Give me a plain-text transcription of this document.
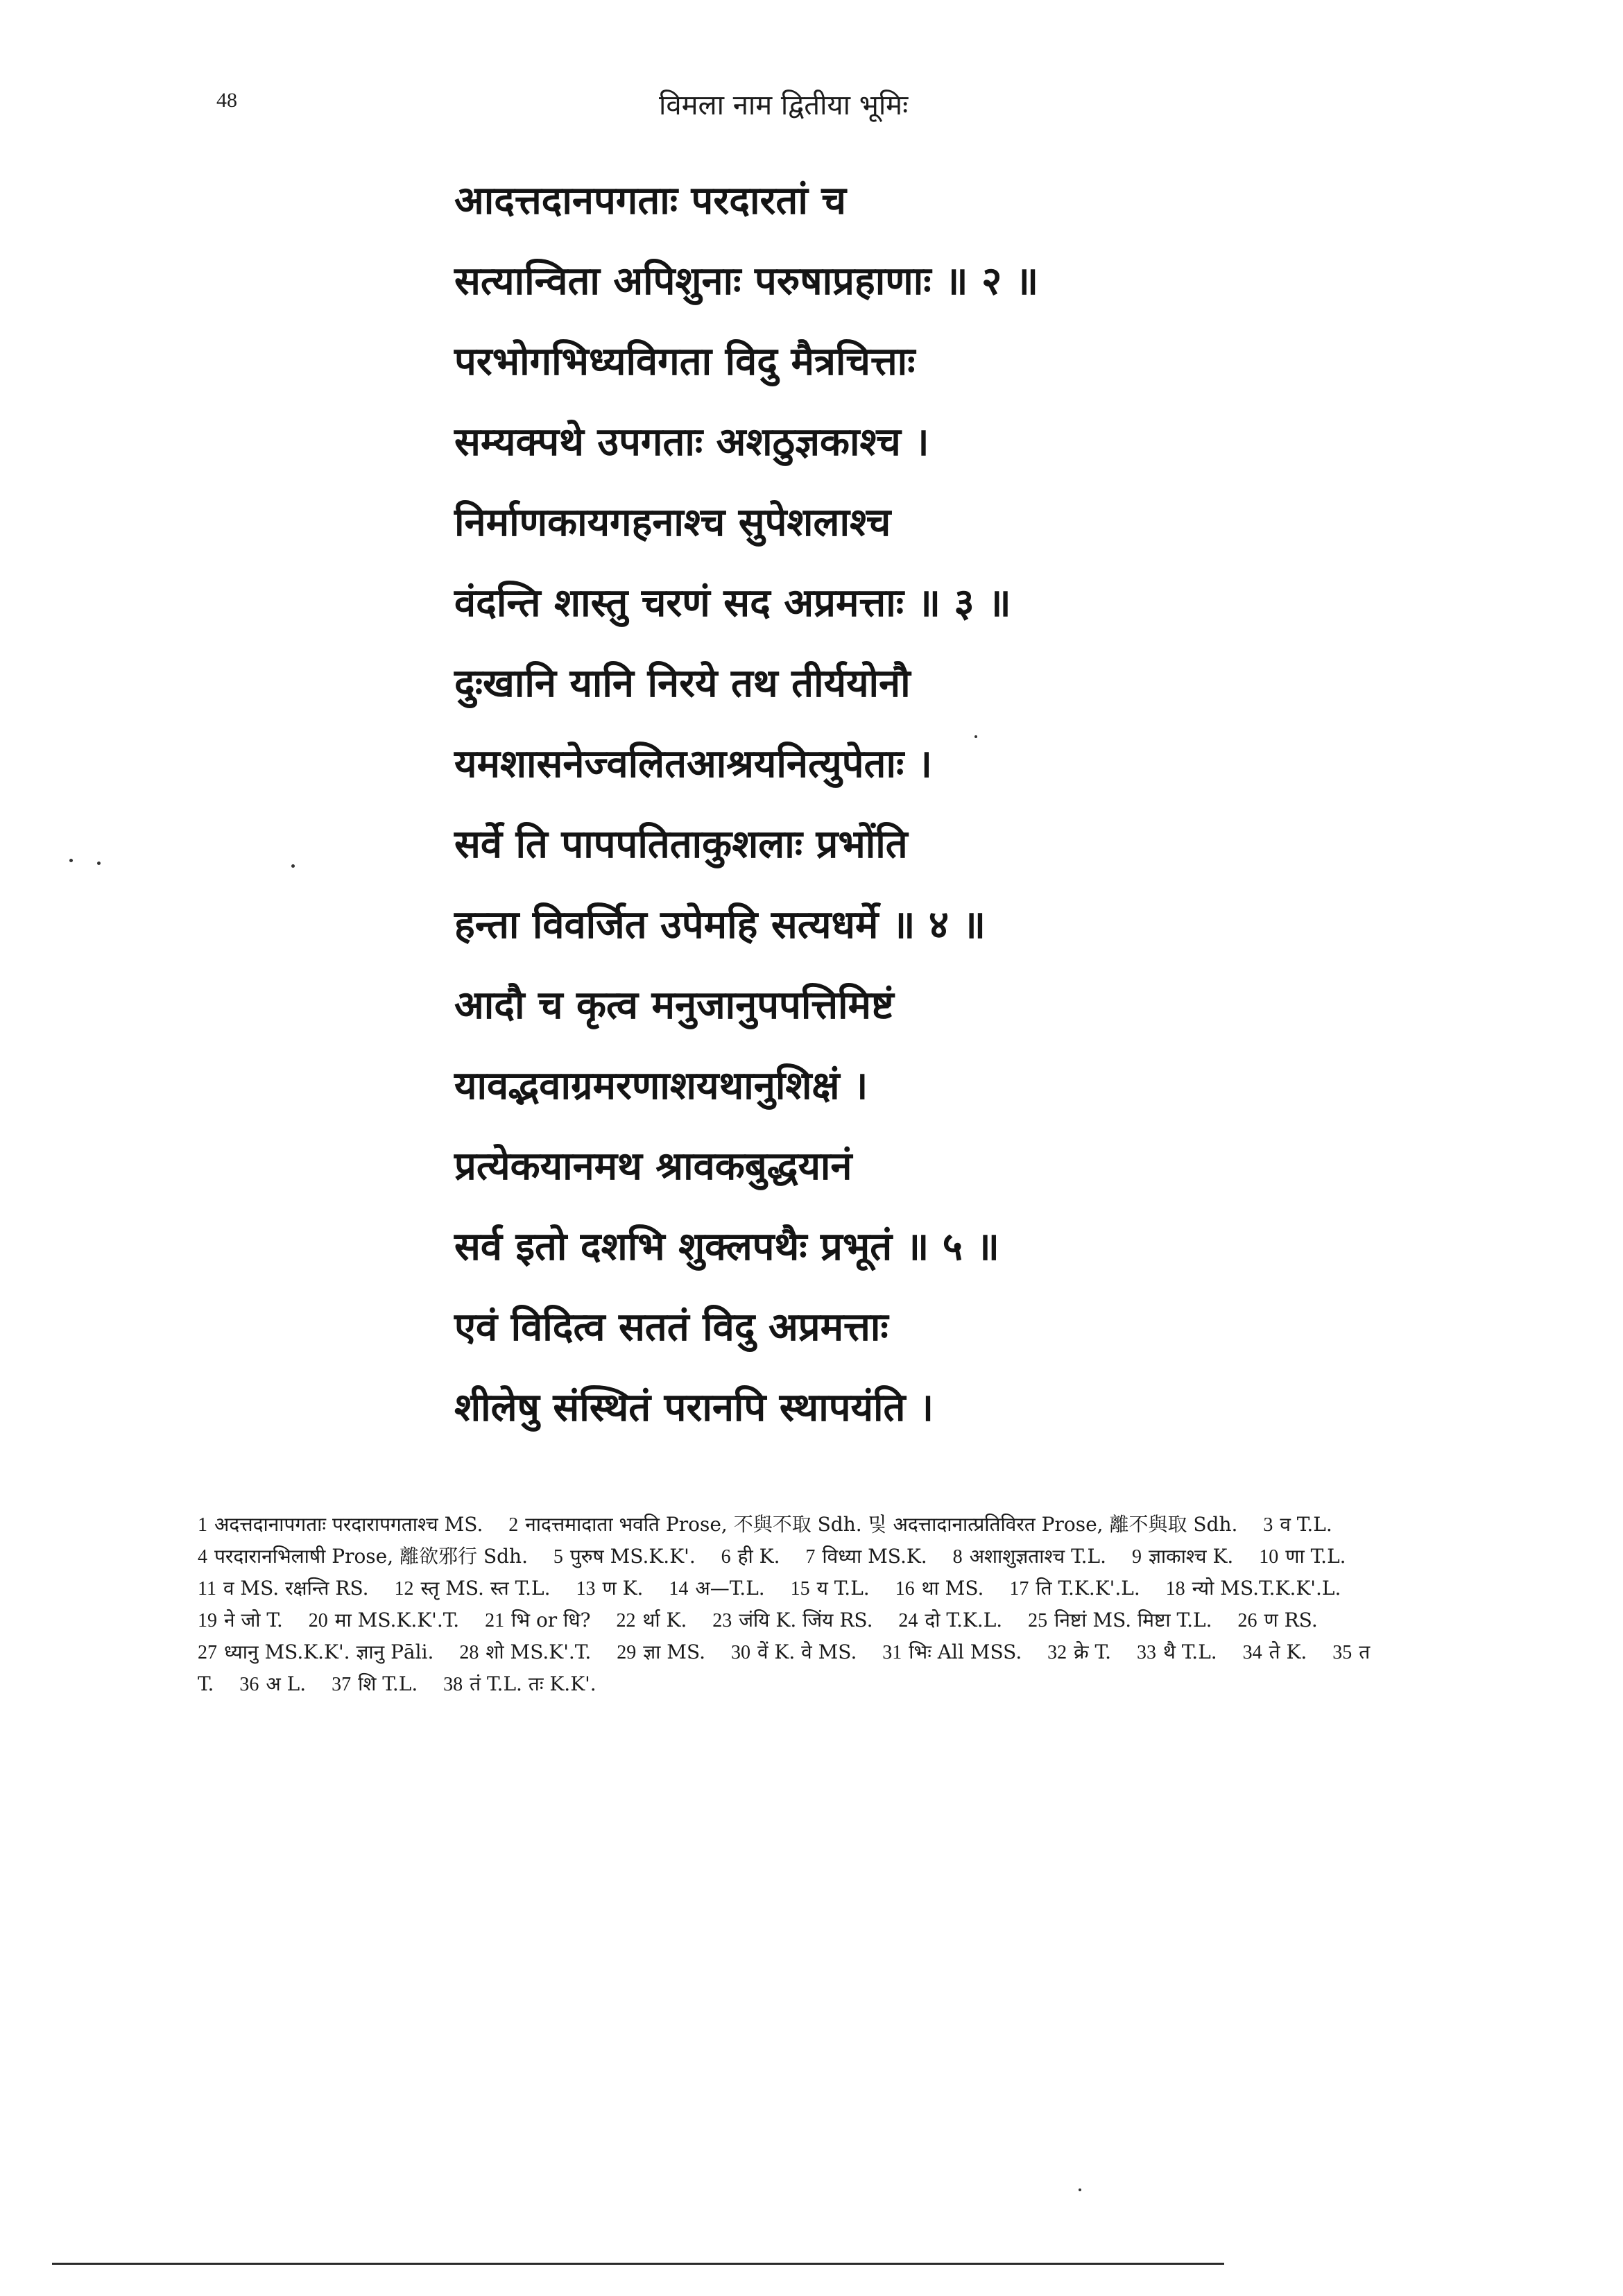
48	विमला नाम द्वितीया भूमिः
आदत्तदानपगताः परदारतां च
सत्यान्विता अपिशुनाः परुषाप्रहाणाः ॥ २ ॥
परभोगभिध्यविगता विदु मैत्रचित्ताः
सम्यक्पथे उपगताः अशठुज्ञकाश्च ।
निर्माणकायगहनाश्च सुपेशलाश्च
वंदन्ति शास्तु चरणं सद अप्रमत्ताः ॥ ३ ॥
दुःखानि यानि निरये तथ तीर्ययोनौ
यमशासनेज्वलितआश्रयनित्युपेताः ।
सर्वे ति पापपतिताकुशलाः प्रभोंति
हन्ता विवर्जित उपेमहि सत्यधर्मे ॥ ४ ॥
आदौ च कृत्व मनुजानुपपत्तिमिष्टं
यावद्भवाग्रमरणाशयथानुशिक्षं ।
प्रत्येकयानमथ श्रावकबुद्धयानं
सर्व इतो दशभि शुक्लपथैः प्रभूतं ॥ ५ ॥
एवं विदित्व सततं विदु अप्रमत्ताः
शीलेषु संस्थितं परानपि स्थापयंति ।
1 अदत्तदानापगताः परदारापगताश्च MS. 2 नादत्तमादाता भवति Prose, 不與不取 Sdh. 및 अदत्तादानात्प्रतिविरत Prose, 離不與取 Sdh. 3 व T.L. 4 परदारानभिलाषी Prose, 離欲邪行 Sdh. 5 पुरुष MS.K.K'. 6 ही K. 7 विध्या MS.K. 8 अशाशुज्ञताश्च T.L. 9 ज्ञाकाश्च K. 10 णा T.L. 11 व MS. रक्षन्ति RS. 12 स्तृ MS. स्त T.L. 13 ण K. 14 अ—T.L. 15 य T.L. 16 था MS. 17 ति T.K.K'.L. 18 न्यो MS.T.K.K'.L. 19 ने जो T. 20 मा MS.K.K'.T. 21 भि or धि? 22 र्था K. 23 जंयि K. जिंय RS. 24 दो T.K.L. 25 निष्टां MS. मिष्टा T.L. 26 ण RS. 27 ध्यानु MS.K.K'. ज्ञानु Pāli. 28 शो MS.K'.T. 29 ज्ञा MS. 30 वें K. वे MS. 31 भिः All MSS. 32 क्रे T. 33 थै T.L. 34 ते K. 35 त T. 36 अ L. 37 शि T.L. 38 तं T.L. तः K.K'.
